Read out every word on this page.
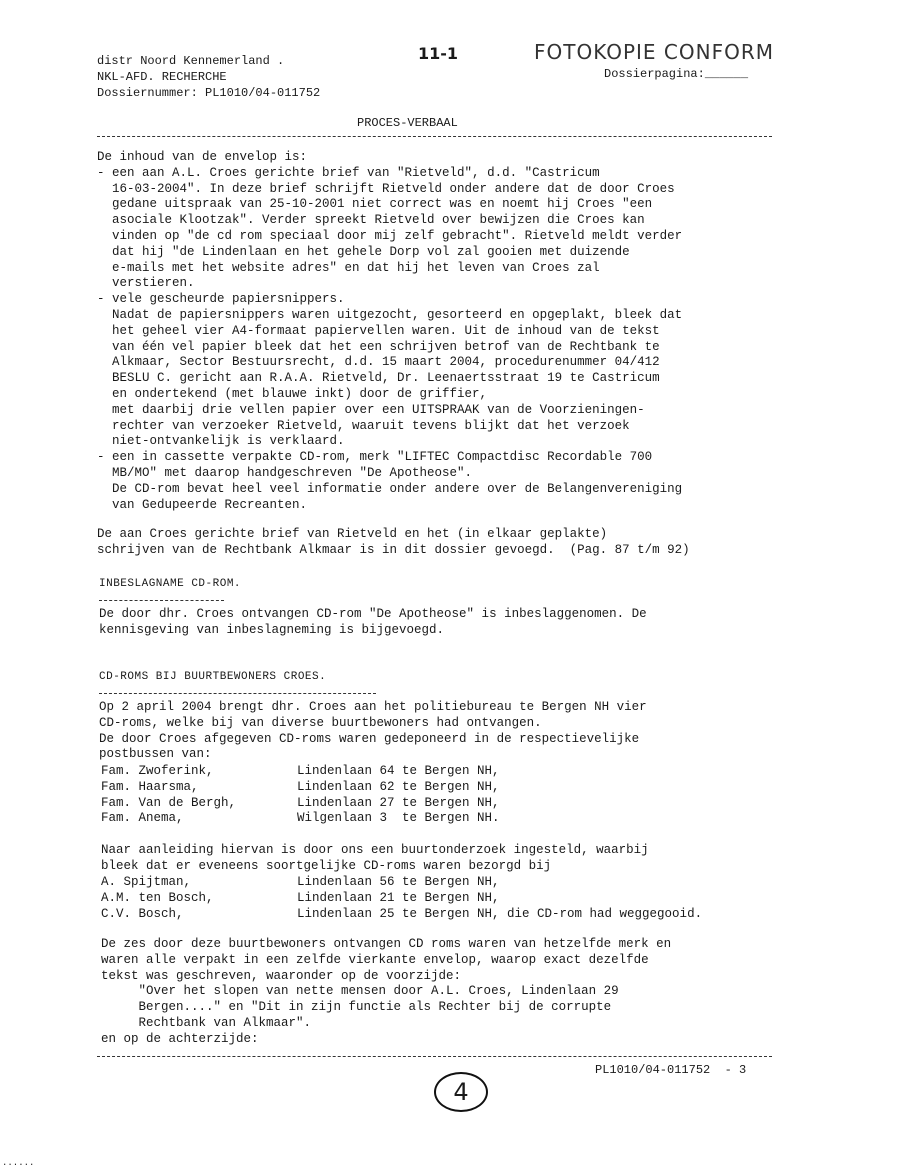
distr Noord Kennemerland .
NKL-AFD. RECHERCHE
Dossiernummer: PL1010/04-011752
11-1	FOTOKOPIE CONFORM
Dossierpagina:______
PROCES-VERBAAL
De inhoud van de envelop is:
- een aan A.L. Croes gerichte brief van "Rietveld", d.d. "Castricum
16-03-2004". In deze brief schrijft Rietveld onder andere dat de door Croes
gedane uitspraak van 25-10-2001 niet correct was en noemt hij Croes "een
asociale Klootzak". Verder spreekt Rietveld over bewijzen die Croes kan
vinden op "de cd rom speciaal door mij zelf gebracht". Rietveld meldt verder
dat hij "de Lindenlaan en het gehele Dorp vol zal gooien met duizende
e-mails met het website adres" en dat hij het leven van Croes zal
verstieren.
- vele gescheurde papiersnippers.
Nadat de papiersnippers waren uitgezocht, gesorteerd en opgeplakt, bleek dat
het geheel vier A4-formaat papiervellen waren. Uit de inhoud van de tekst
van één vel papier bleek dat het een schrijven betrof van de Rechtbank te
Alkmaar, Sector Bestuursrecht, d.d. 15 maart 2004, procedurenummer 04/412
BESLU C. gericht aan R.A.A. Rietveld, Dr. Leenaertsstraat 19 te Castricum
en ondertekend (met blauwe inkt) door de griffier,
met daarbij drie vellen papier over een UITSPRAAK van de Voorzieningen-
rechter van verzoeker Rietveld, waaruit tevens blijkt dat het verzoek
niet-ontvankelijk is verklaard.
- een in cassette verpakte CD-rom, merk "LIFTEC Compactdisc Recordable 700
MB/MO" met daarop handgeschreven "De Apotheose".
De CD-rom bevat heel veel informatie onder andere over de Belangenvereniging
van Gedupeerde Recreanten.
De aan Croes gerichte brief van Rietveld en het (in elkaar geplakte)
schrijven van de Rechtbank Alkmaar is in dit dossier gevoegd.  (Pag. 87 t/m 92)
INBESLAGNAME CD-ROM.
De door dhr. Croes ontvangen CD-rom "De Apotheose" is inbeslaggenomen. De
kennisgeving van inbeslagneming is bijgevoegd.
CD-ROMS BIJ BUURTBEWONERS CROES.
Op 2 april 2004 brengt dhr. Croes aan het politiebureau te Bergen NH vier
CD-roms, welke bij van diverse buurtbewoners had ontvangen.
De door Croes afgegeven CD-roms waren gedeponeerd in de respectievelijke
postbussen van:
Fam. Zwoferink,	Lindenlaan 64 te Bergen NH,
Fam. Haarsma,	Lindenlaan 62 te Bergen NH,
Fam. Van de Bergh,	Lindenlaan 27 te Bergen NH,
Fam. Anema,	Wilgenlaan 3  te Bergen NH.
Naar aanleiding hiervan is door ons een buurtonderzoek ingesteld, waarbij
bleek dat er eveneens soortgelijke CD-roms waren bezorgd bij
A. Spijtman,	Lindenlaan 56 te Bergen NH,
A.M. ten Bosch,	Lindenlaan 21 te Bergen NH,
C.V. Bosch,	Lindenlaan 25 te Bergen NH, die CD-rom had weggegooid.
De zes door deze buurtbewoners ontvangen CD roms waren van hetzelfde merk en
waren alle verpakt in een zelfde vierkante envelop, waarop exact dezelfde
tekst was geschreven, waaronder op de voorzijde:
"Over het slopen van nette mensen door A.L. Croes, Lindenlaan 29
Bergen...." en "Dit in zijn functie als Rechter bij de corrupte
Rechtbank van Alkmaar".
en op de achterzijde:
PL1010/04-011752  - 3
4
......
